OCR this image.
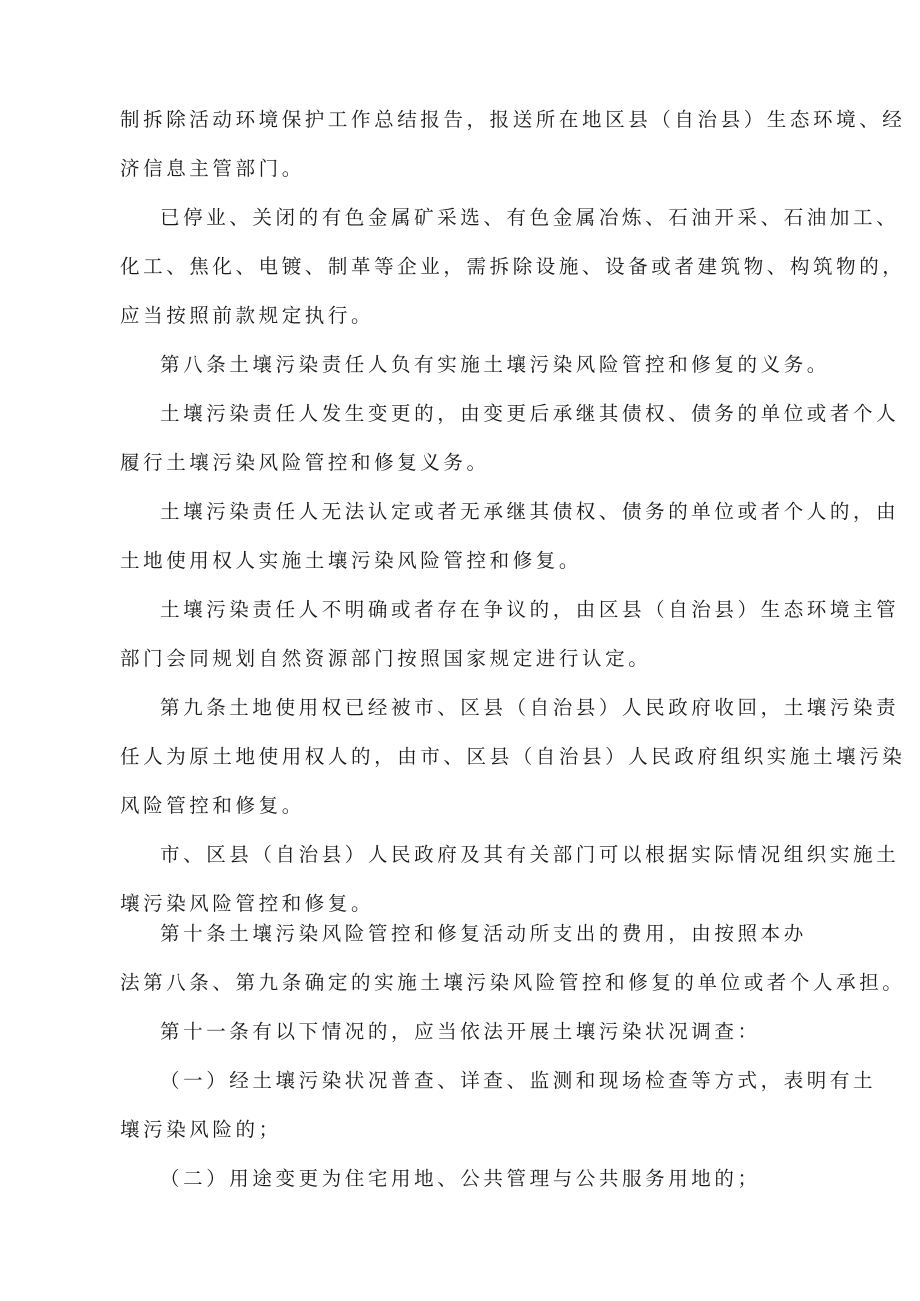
制拆除活动环境保护工作总结报告，报送所在地区县（自治县）生态环境、经

济信息主管部门。

已停业、关闭的有色金属矿采选、有色金属冶炼、石油开采、石油加工、

化工、焦化、电镀、制革等企业，需拆除设施、设备或者建筑物、构筑物的，

应当按照前款规定执行。

第八条土壤污染责任人负有实施土壤污染风险管控和修复的义务。

土壤污染责任人发生变更的，由变更后承继其债权、债务的单位或者个人

履行土壤污染风险管控和修复义务。

土壤污染责任人无法认定或者无承继其债权、债务的单位或者个人的，由

土地使用权人实施土壤污染风险管控和修复。

土壤污染责任人不明确或者存在争议的，由区县（自治县）生态环境主管

部门会同规划自然资源部门按照国家规定进行认定。

第九条土地使用权已经被市、区县（自治县）人民政府收回，土壤污染责

任人为原土地使用权人的，由市、区县（自治县）人民政府组织实施土壤污染

风险管控和修复。

市、区县（自治县）人民政府及其有关部门可以根据实际情况组织实施土

壤污染风险管控和修复。

第十条土壤污染风险管控和修复活动所支出的费用，由按照本办

法第八条、第九条确定的实施土壤污染风险管控和修复的单位或者个人承担。

第十一条有以下情况的，应当依法开展土壤污染状况调查：

（一）经土壤污染状况普查、详查、监测和现场检查等方式，表明有土

壤污染风险的；

（二）用途变更为住宅用地、公共管理与公共服务用地的；
